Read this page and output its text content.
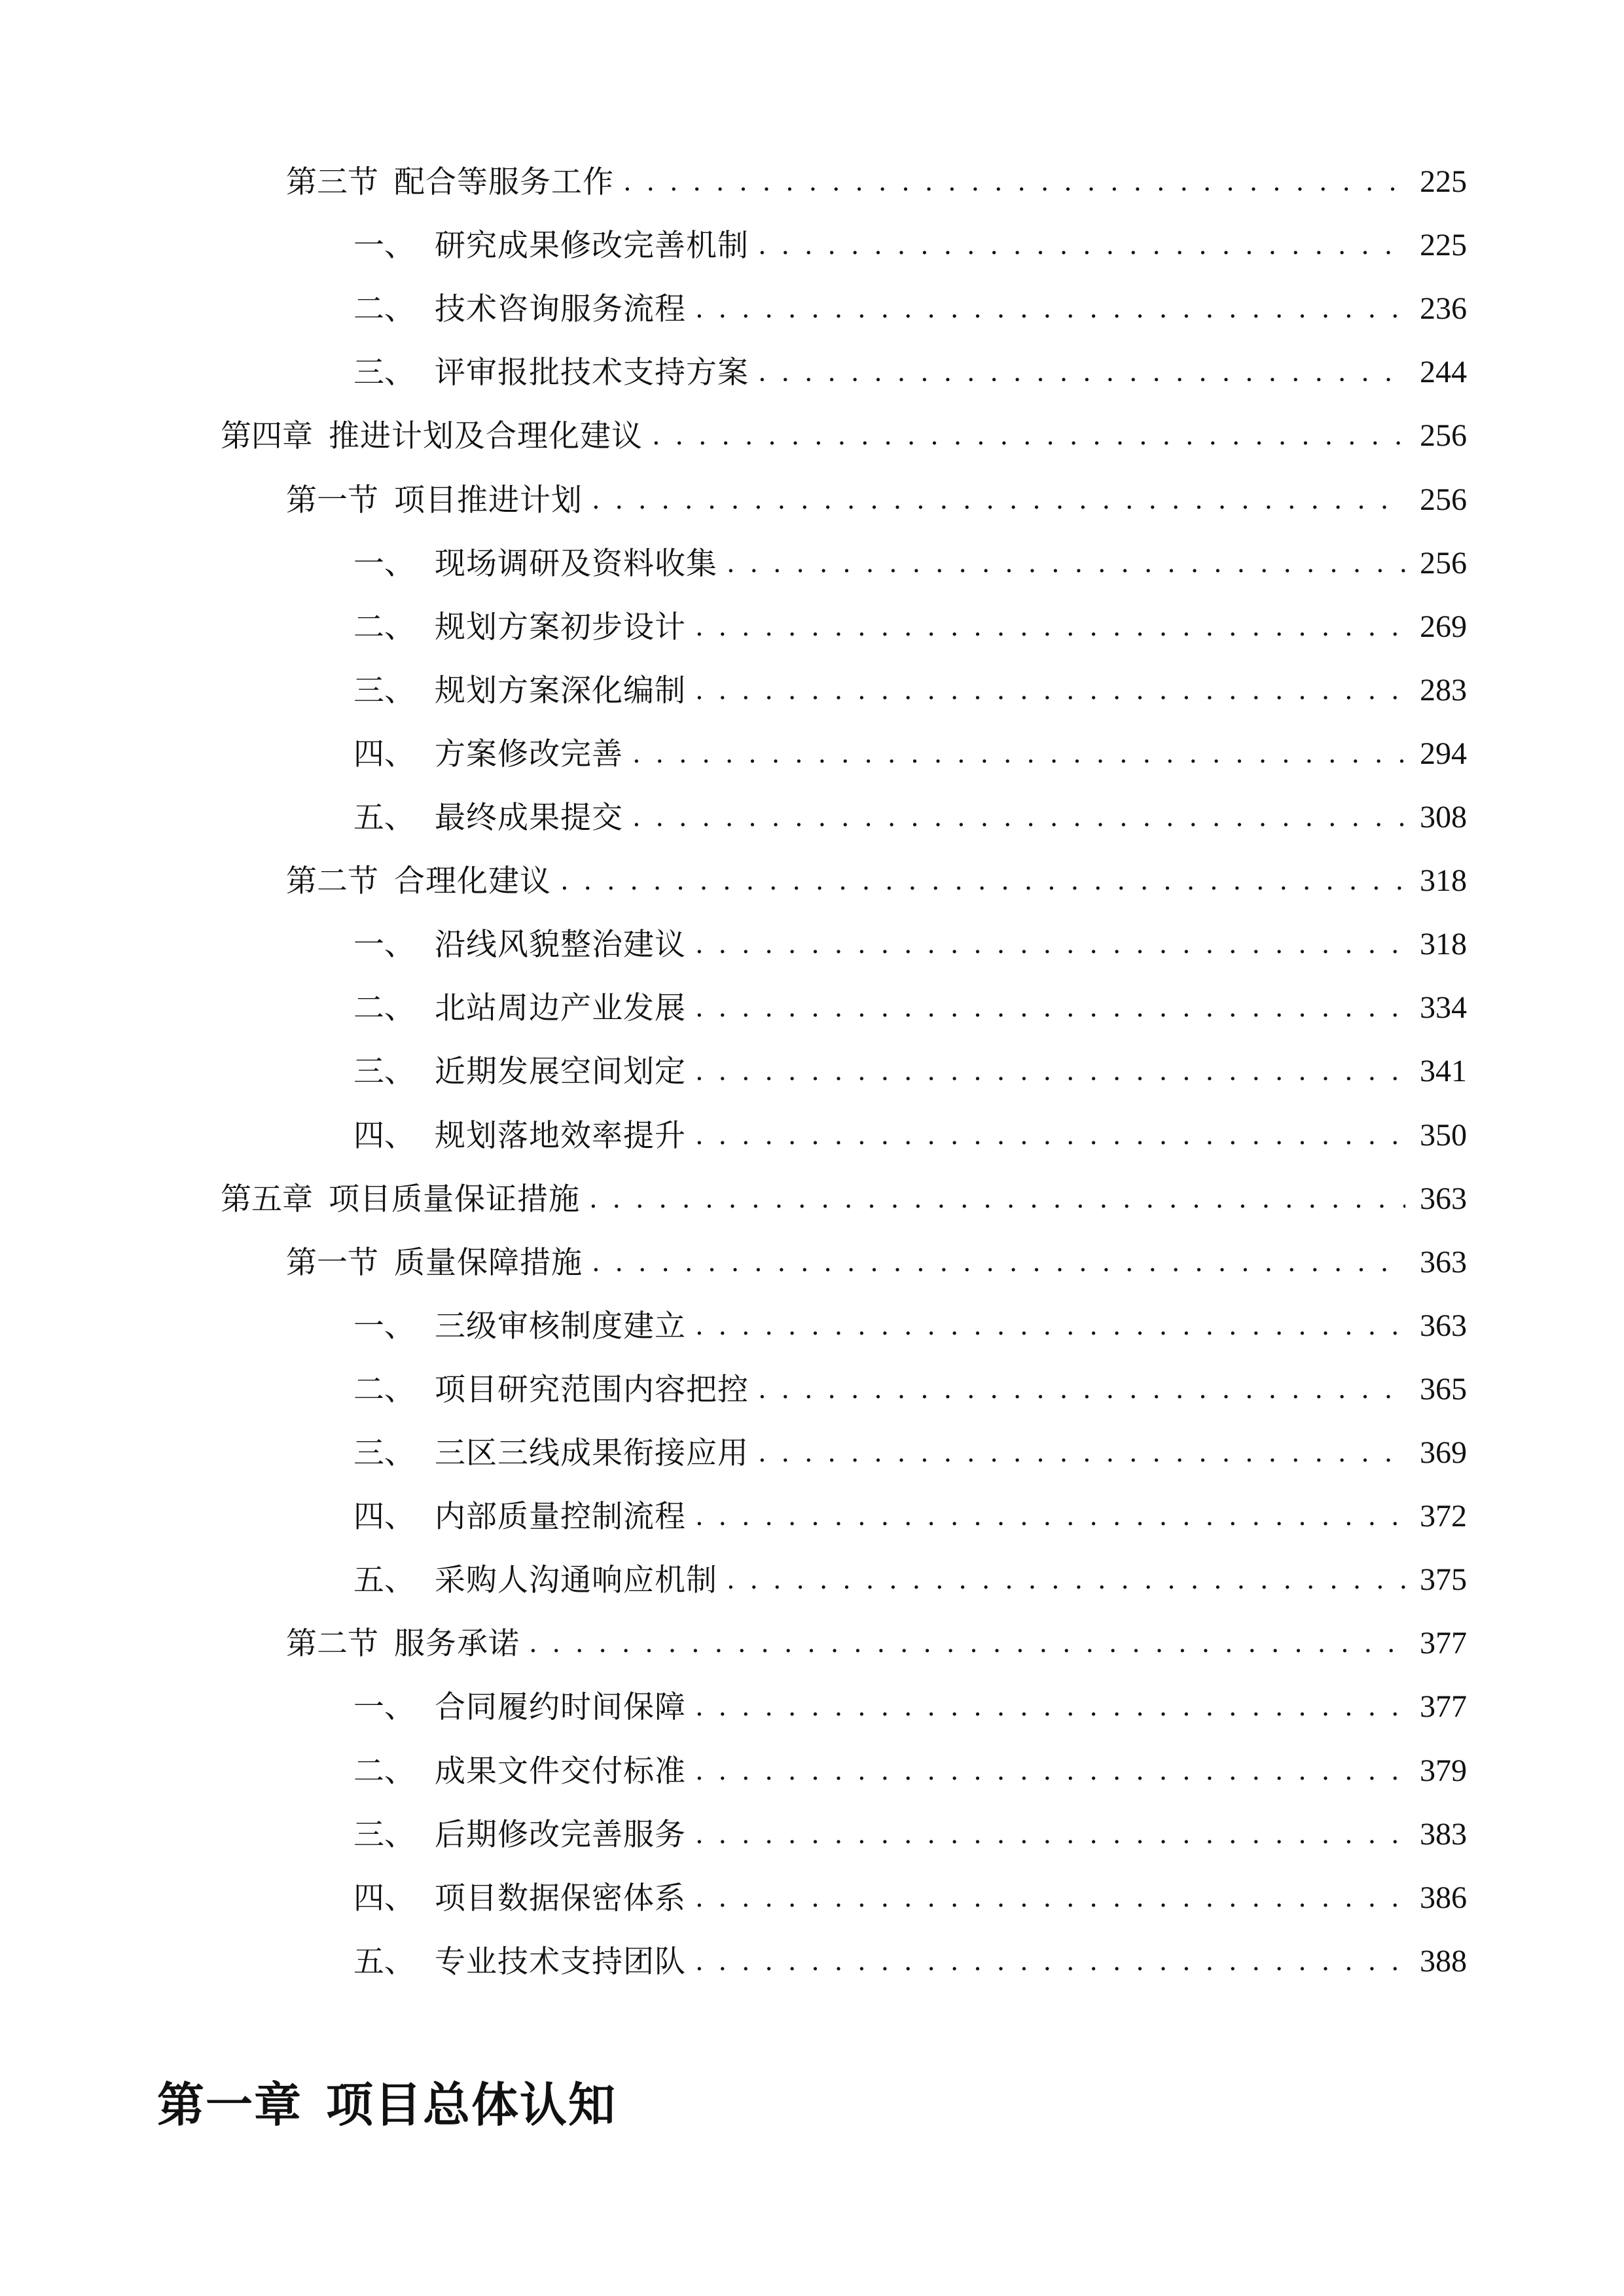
第三节 配合等服务工作 . . .	225
一、 研究成果修改完善机制 . . .	225
二、 技术咨询服务流程 . . .	236
三、 评审报批技术支持方案 . . .	244
第四章 推进计划及合理化建议 . . .	256
第一节 项目推进计划 . . .	256
一、 现场调研及资料收集 . . .	256
二、 规划方案初步设计 . . .	269
三、 规划方案深化编制 . . .	283
四、 方案修改完善 . . .	294
五、 最终成果提交 . . .	308
第二节 合理化建议 . . .	318
一、 沿线风貌整治建议 . . .	318
二、 北站周边产业发展 . . .	334
三、 近期发展空间划定 . . .	341
四、 规划落地效率提升 . . .	350
第五章 项目质量保证措施 . . .	363
第一节 质量保障措施 . . .	363
一、 三级审核制度建立 . . .	363
二、 项目研究范围内容把控 . . .	365
三、 三区三线成果衔接应用 . . .	369
四、 内部质量控制流程 . . .	372
五、 采购人沟通响应机制 . . .	375
第二节 服务承诺 . . .	377
一、 合同履约时间保障 . . .	377
二、 成果文件交付标准 . . .	379
三、 后期修改完善服务 . . .	383
四、 项目数据保密体系 . . .	386
五、 专业技术支持团队 . . .	388
第一章 项目总体认知
